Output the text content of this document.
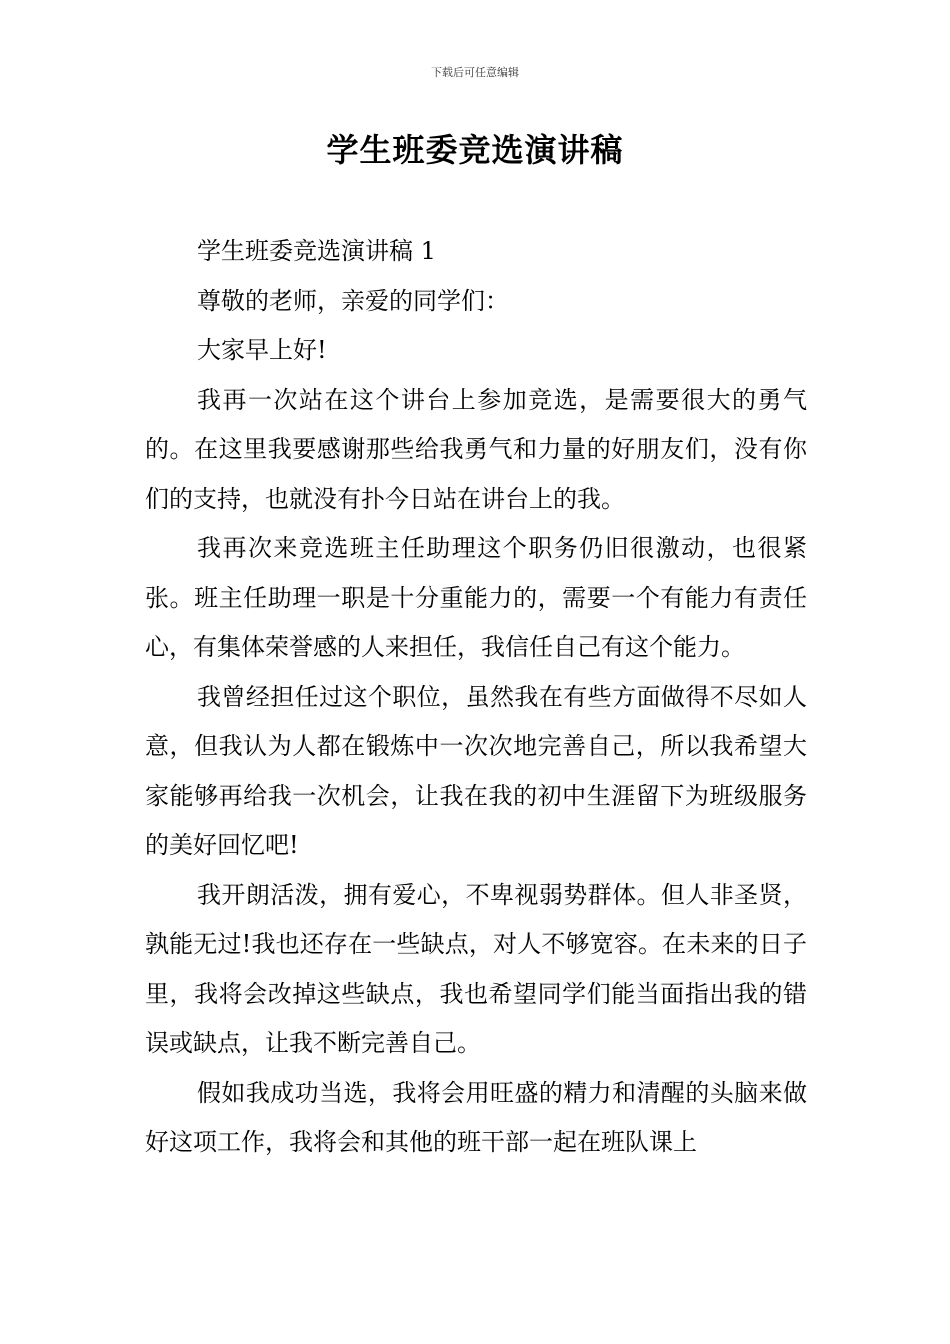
下载后可任意编辑
学生班委竞选演讲稿

学生班委竞选演讲稿 1

尊敬的老师，亲爱的同学们：

大家早上好!

我再一次站在这个讲台上参加竞选，是需要很大的勇气的。在这里我要感谢那些给我勇气和力量的好朋友们，没有你们的支持，也就没有扑今日站在讲台上的我。

我再次来竞选班主任助理这个职务仍旧很激动，也很紧张。班主任助理一职是十分重能力的，需要一个有能力有责任心，有集体荣誉感的人来担任，我信任自己有这个能力。

我曾经担任过这个职位，虽然我在有些方面做得不尽如人意，但我认为人都在锻炼中一次次地完善自己，所以我希望大家能够再给我一次机会，让我在我的初中生涯留下为班级服务的美好回忆吧!

我开朗活泼，拥有爱心，不卑视弱势群体。但人非圣贤，孰能无过!我也还存在一些缺点，对人不够宽容。在未来的日子里，我将会改掉这些缺点，我也希望同学们能当面指出我的错误或缺点，让我不断完善自己。

假如我成功当选，我将会用旺盛的精力和清醒的头脑来做好这项工作，我将会和其他的班干部一起在班队课上
